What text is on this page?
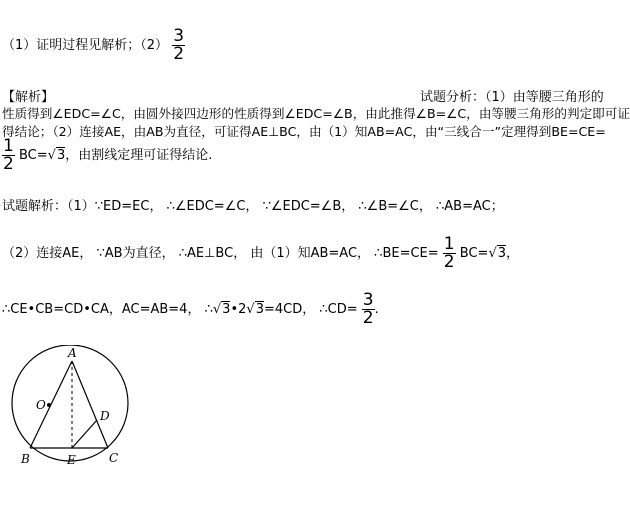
（1）证明过程见解析；$(2) \frac{3}{2}$
【解析】	试题分析：（1）由等腰三角形的
性质得到∠EDC=∠C，由圆外接四边形的性质得到∠EDC=∠B，由此推得∠B=∠C，由等腰三角形的判定即可证
得结论；（2）连接AE，由AB为直径，可证得AE⊥BC，由（1）知AB=AC，由“三线合一”定理得到BE=CE=
$\frac{1}{2} BC=√3$，由割线定理可证得结论.
试题解析：（1）∵ED=EC， ∴∠EDC=∠C， ∵∠EDC=∠B， ∴∠B=∠C， ∴AB=AC；
（2）连接AE， ∵AB为直径， ∴AE⊥BC， 由（1）知AB=AC， ∴BE=CE= $\frac{1}{2} BC=√3$，
∴CE•CB=CD•CA，AC=AB=4， ∴√3•2√3=4CD， ∴CD= $\frac{3}{2}$ .
A
O
D
B	E	C
